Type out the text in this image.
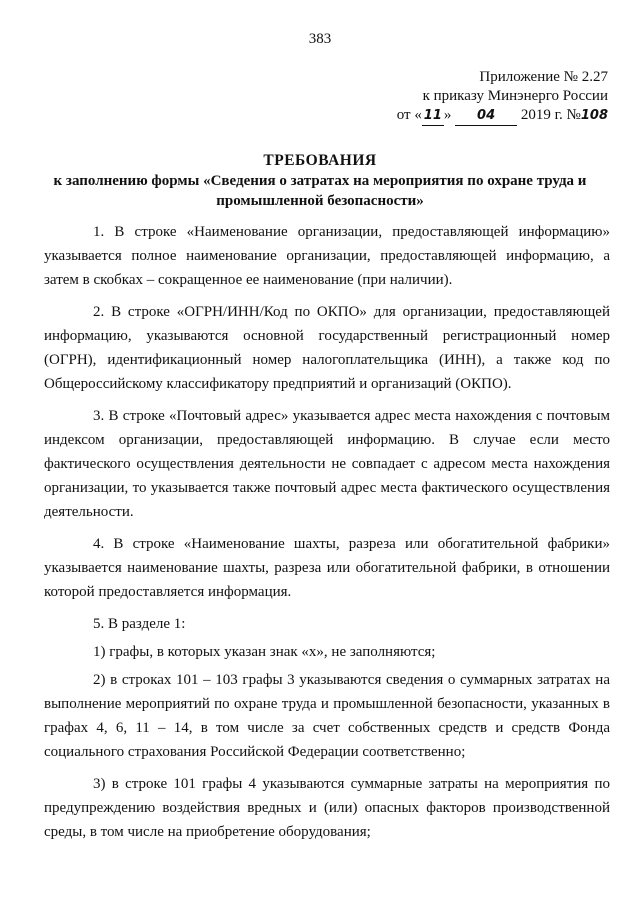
383
Приложение № 2.27
к приказу Минэнерго России
от « 11 » 04 2019 г. №108
ТРЕБОВАНИЯ
к заполнению формы «Сведения о затратах на мероприятия по охране труда и
промышленной безопасности»

1. В строке «Наименование организации, предоставляющей информацию» указывается полное наименование организации, предоставляющей информацию, а затем в скобках – сокращенное ее наименование (при наличии).

2. В строке «ОГРН/ИНН/Код по ОКПО» для организации, предоставляющей информацию, указываются основной государственный регистрационный номер (ОГРН), идентификационный номер налогоплательщика (ИНН), а также код по Общероссийскому классификатору предприятий и организаций (ОКПО).

3. В строке «Почтовый адрес» указывается адрес места нахождения с почтовым индексом организации, предоставляющей информацию. В случае если место фактического осуществления деятельности не совпадает с адресом места нахождения организации, то указывается также почтовый адрес места фактического осуществления деятельности.

4. В строке «Наименование шахты, разреза или обогатительной фабрики» указывается наименование шахты, разреза или обогатительной фабрики, в отношении которой предоставляется информация.

5. В разделе 1:

1) графы, в которых указан знак «х», не заполняются;

2) в строках 101 – 103 графы 3 указываются сведения о суммарных затратах на выполнение мероприятий по охране труда и промышленной безопасности, указанных в графах 4, 6, 11 – 14, в том числе за счет собственных средств и средств Фонда социального страхования Российской Федерации соответственно;

3) в строке 101 графы 4 указываются суммарные затраты на мероприятия по предупреждению воздействия вредных и (или) опасных факторов производственной среды, в том числе на приобретение оборудования;
